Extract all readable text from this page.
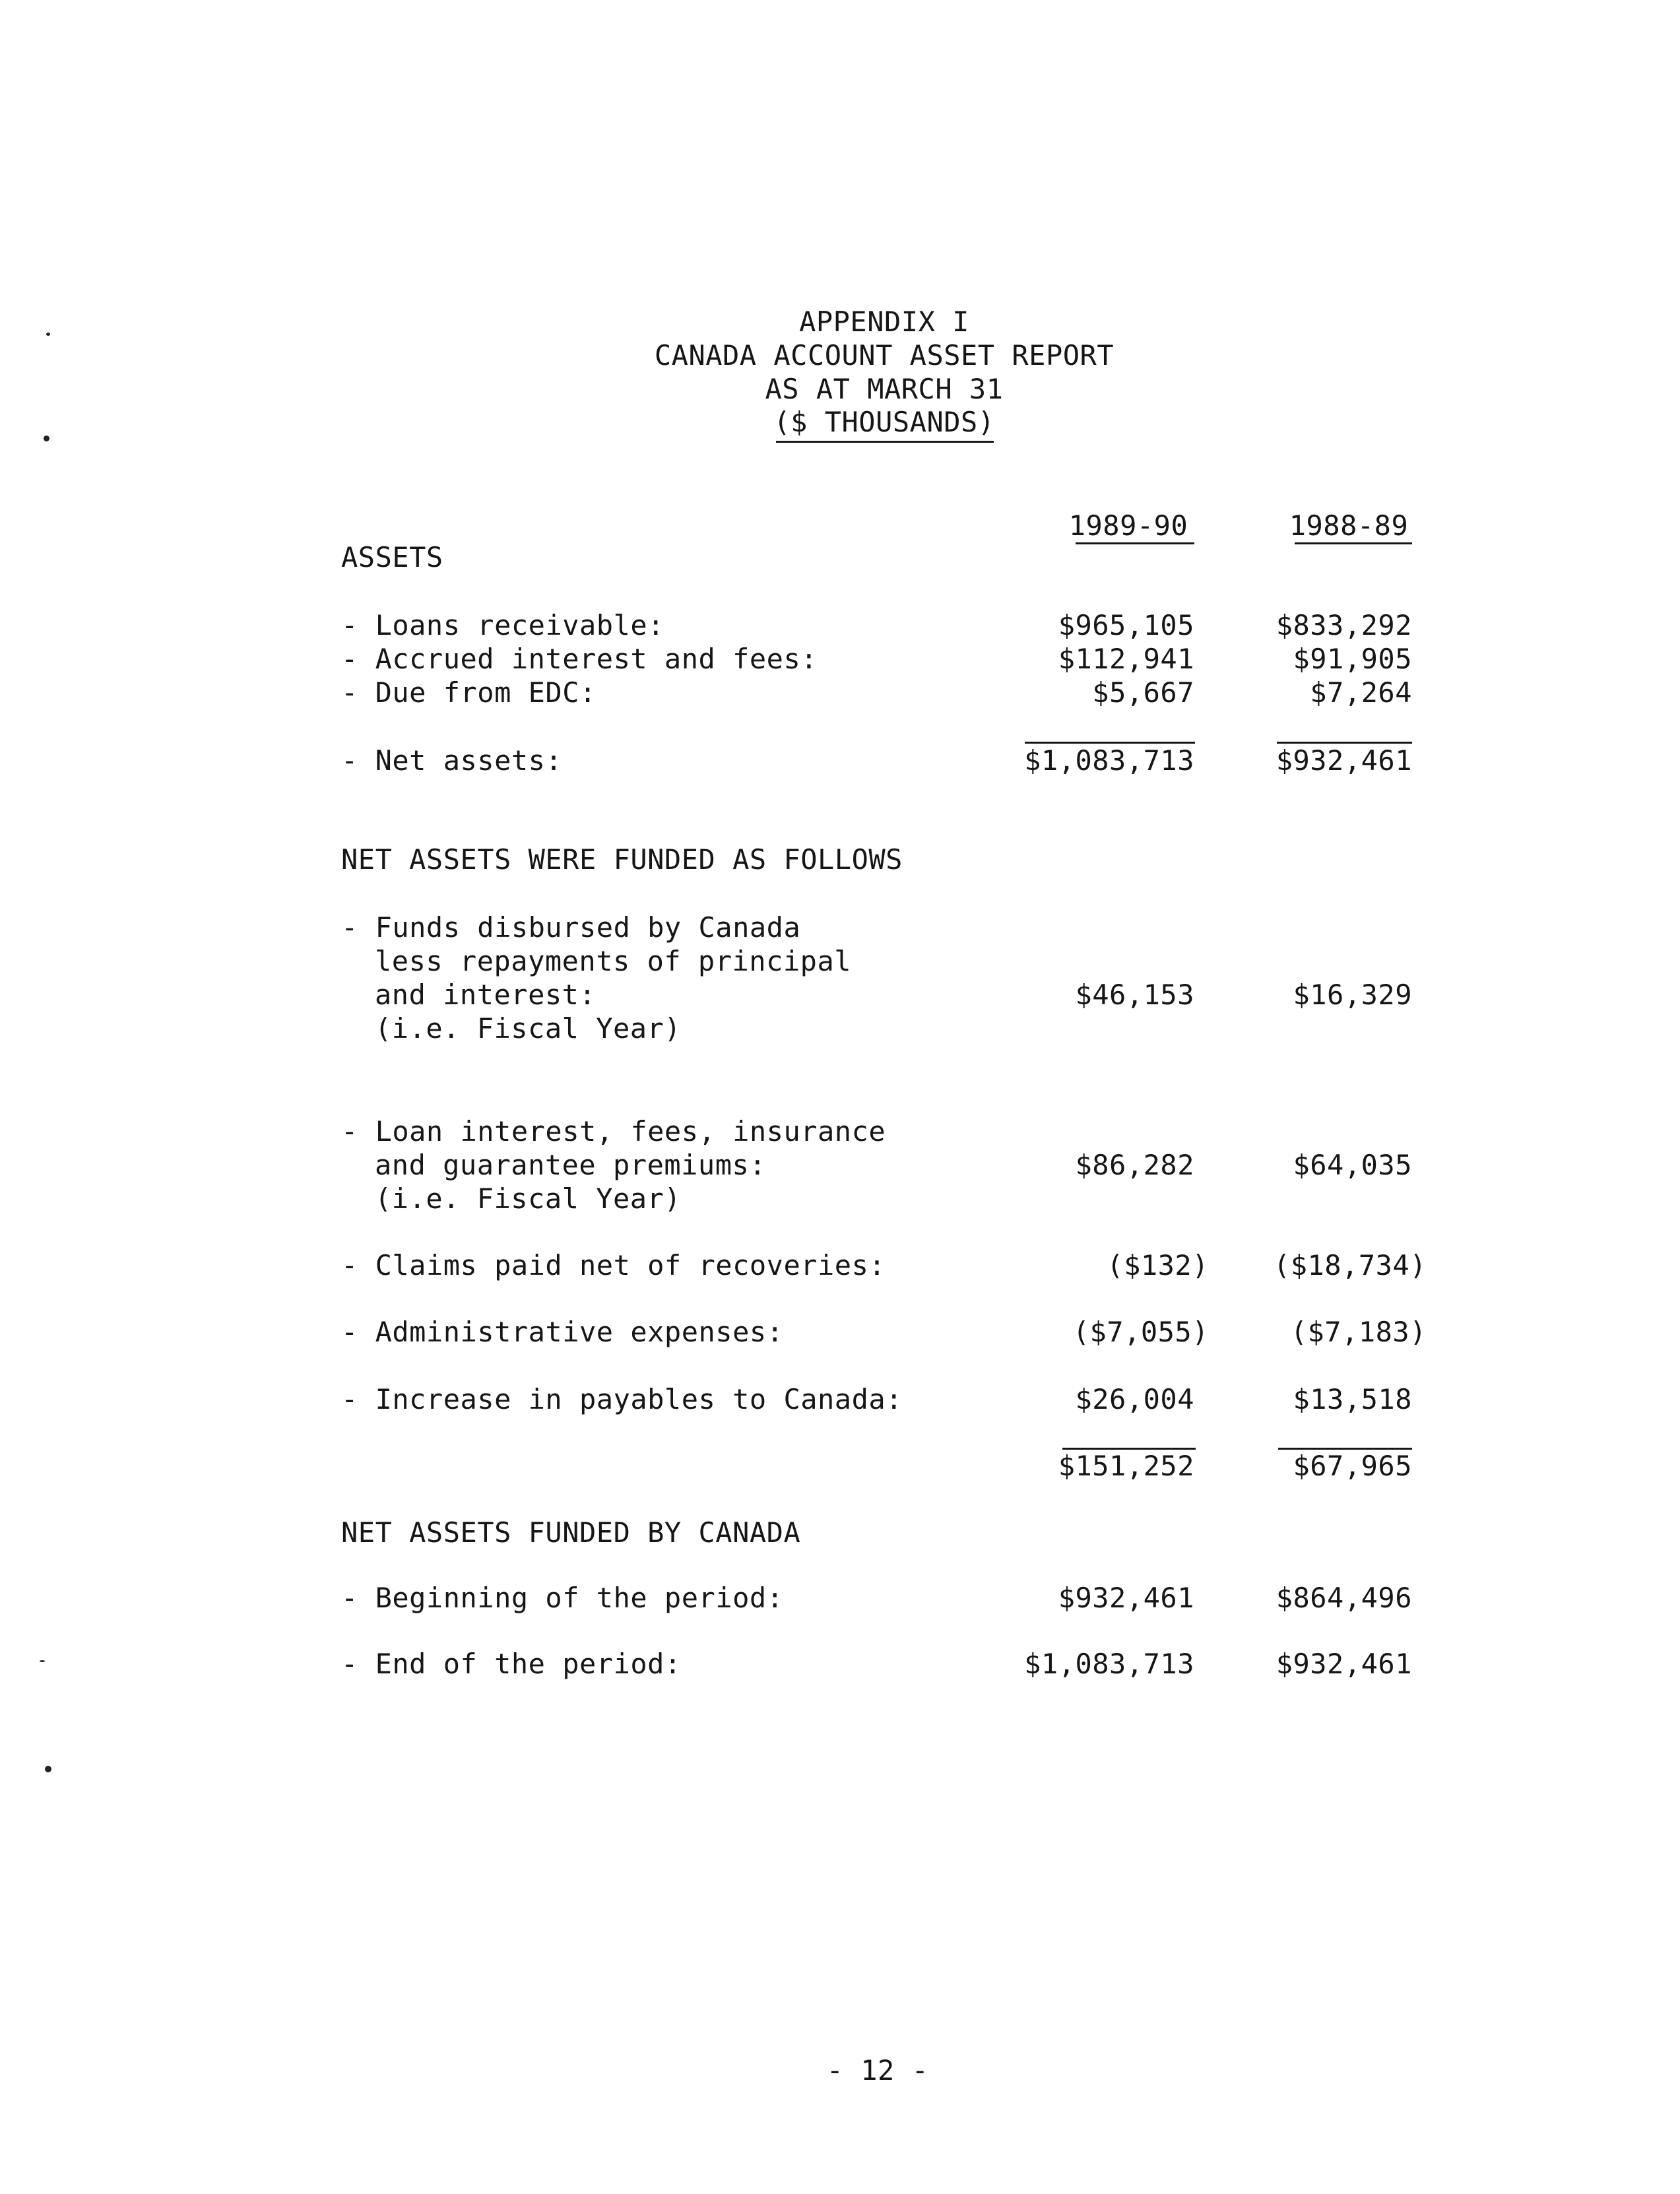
APPENDIX I
CANADA ACCOUNT ASSET REPORT
AS AT MARCH 31
($ THOUSANDS)
1989-90	1988-89
ASSETS
- Loans receivable:	$965,105	$833,292
- Accrued interest and fees:	$112,941	$91,905
- Due from EDC:	$5,667	$7,264
- Net assets:	$1,083,713	$932,461
NET ASSETS WERE FUNDED AS FOLLOWS
- Funds disbursed by Canada
less repayments of principal
and interest:
(i.e. Fiscal Year)
$46,153	$16,329
- Loan interest, fees, insurance
and guarantee premiums:
(i.e. Fiscal Year)
$86,282	$64,035
- Claims paid net of recoveries:	($132)	($18,734)
- Administrative expenses:	($7,055)	($7,183)
- Increase in payables to Canada:	$26,004	$13,518
$151,252	$67,965
NET ASSETS FUNDED BY CANADA
- Beginning of the period:	$932,461	$864,496
- End of the period:	$1,083,713	$932,461
- 12 -
